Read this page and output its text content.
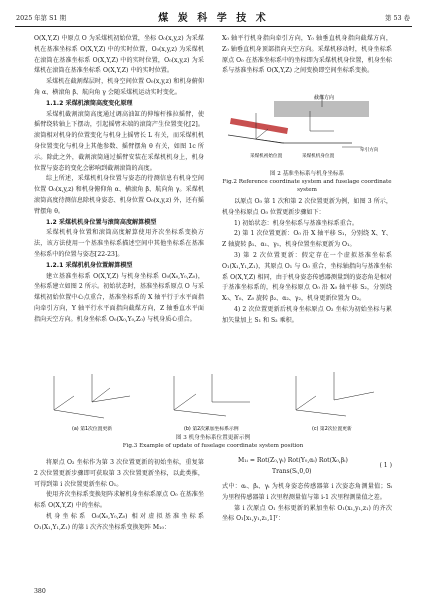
2025 年第 S1 期	煤 炭 科 学 技 术	第 53 卷

O(X,Y,Z) 中原点 O 为采煤机初始位置，坐标 O₀(x,y,z) 为采煤机在基准坐标系 O(X,Y,Z) 中的实时位置，O₀(x,y,z) 为采煤机在滚筒在基准坐标系 O(X,Y,Z) 中的实时位置，O₀(x,y,z) 为采煤机在滚筒在基准坐标系 O(X,Y,Z) 中的实时位置。

采煤机在截割煤层时，机身空间位置 O₀(x,y,z) 和机身俯仰角 α、横滚角 β、航向角 γ 会随采煤机运动实时变化。

1.1.2 采煤机滚筒高度变化原理

采煤机截割滚筒高度通过调高油缸的伸缩杆推拉摇臂，使摇臂绕转轴上下摆动，引起摇臂末端的滚筒产生位置变化[2]。滚筒相对机身的位置变化与机身上摇臂长 L 有关，而采煤机机身位置变化与机身上其他参数、摇臂摆角 θ 有关，如图 1c 所示。除此之外，截割滚筒通过摇臂安装在采煤机机身上，机身位置与姿态的变化会影响到截割滚筒的高度。

综上所述，采煤机机身位置与姿态的待测信息有机身空间位置 O₀(x,y,z) 和机身俯仰角 α、横滚角 β、航向角 γ。采煤机滚筒高度待测信息除机身姿态、机身位置 O₀(x,y,z) 外，还有摇臂摆角 θ。

1.2 采煤机机身位置与滚筒高度解算模型

采煤机机身位置和滚筒高度解算使用齐次坐标系变换方法，该方法使用一个基准坐标系描述空间中其他坐标系在基准坐标系中的位置与姿态[22-23]。

1.2.1 采煤机机身位置解算模型

建立基准坐标系 O(X,Y,Z) 与机身坐标系 O₀(X₀,Y₀,Z₀)，坐标系建立如图 2 所示。初始状态时，基准坐标系原点 O 与采煤机初始位置中心点重合，基准坐标系的 X 轴平行于水平面指向牵引方向，Y 轴平行水平面指向截煤方向，Z 轴垂直水平面指向天空方向。机身坐标系 O₀(X₀,Y₀,Z₀) 与机身质心重合。

X₀ 轴平行机身指向牵引方向，Y₀ 轴垂直机身指向截煤方向，Z₀ 轴垂直机身顶部指向天空方向。采煤机移动时，机身坐标系原点 O₀ 在基准坐标系中的坐标即为采煤机机身位置，机身坐标系与基准坐标系 O(X,Y,Z) 之间变换即空间坐标系变换。

截煤方向
牵引方向
采煤机初始位置	采煤机机身位置
图 2 基准坐标系与机身坐标系
Fig.2 Reference coordinate system and fuselage coordinate system

以原点 O₀ 第 1 次和第 2 次位置更新为例，如图 3 所示，机身坐标原点 O₀ 位置更新步骤如下：

1) 初始状态：机身坐标系与基准坐标系重合。

2) 第 1 次位置更新：O₀ 沿 X 轴平移 S₁，分别绕 X、Y、Z 轴旋转 β₁、α₁、γ₁，机身位置坐标更新为 O₁。

3) 第 2 次位置更新：假定存在一个虚拟基准坐标系 O₁(X₁,Y₁,Z₁)，其原点 O₁ 与 O₀ 重合，坐标轴指向与基准坐标系 O(X,Y,Z) 相同，由于机身姿态传感器测量到的姿态角是相对于基准坐标系的，机身坐标原点 O₀ 沿 X₀ 轴平移 S₂，分别绕 X₀、Y₀、Z₀ 旋转 β₂、α₂、γ₂，机身更新位置为 O₂。

4) 2 次位置更新后机身坐标原点 O₂ 坐标为初始坐标与累加矢量加上 S₁ 和 S₂ 乘积。

(a) 第1次位置更新	(b) 第2次累加坐标系示例	(c) 第2次位置更新
图 3 机身坐标系位置更新示例
Fig.3 Example of update of fuselage coordinate system position

将原点 O₂ 坐标作为第 3 次位置更新的初始坐标，重复第 2 次位置更新步骤即可获取第 3 次位置更新坐标，以此类推，可得到第 i 次位置更新坐标 O₁。

使用齐次坐标系变换矩阵求解机身坐标系原点 O₀ 在基准坐标系 O(X,Y,Z) 中的坐标。

机身坐标系 O₀(X₀,Y₀,Z₀) 相对虚拟基准坐标系 O₁(X₁,Y₁,Z₁) 的第 i 次齐次坐标系变换矩阵 M₁₀：

M₁ᵢ = Rot(Z₀,γᵢ) Rot(Y₀,αᵢ) Rot(X₀,βᵢ)
Trans(Sᵢ,0,0)
( 1 )

式中：αᵢ、βᵢ、γᵢ 为机身姿态传感器第 i 次姿态角测量值；Sᵢ 为里程传感器第 i 次里程测量值与第 i-1 次里程测量值之差。

第 i 次原点 O₁ 坐标更新的累加坐标 O₁(x₁,y₁,z₁) 的齐次坐标 O₁[x₁,y₁,z₁,1]ᵀ：

380
